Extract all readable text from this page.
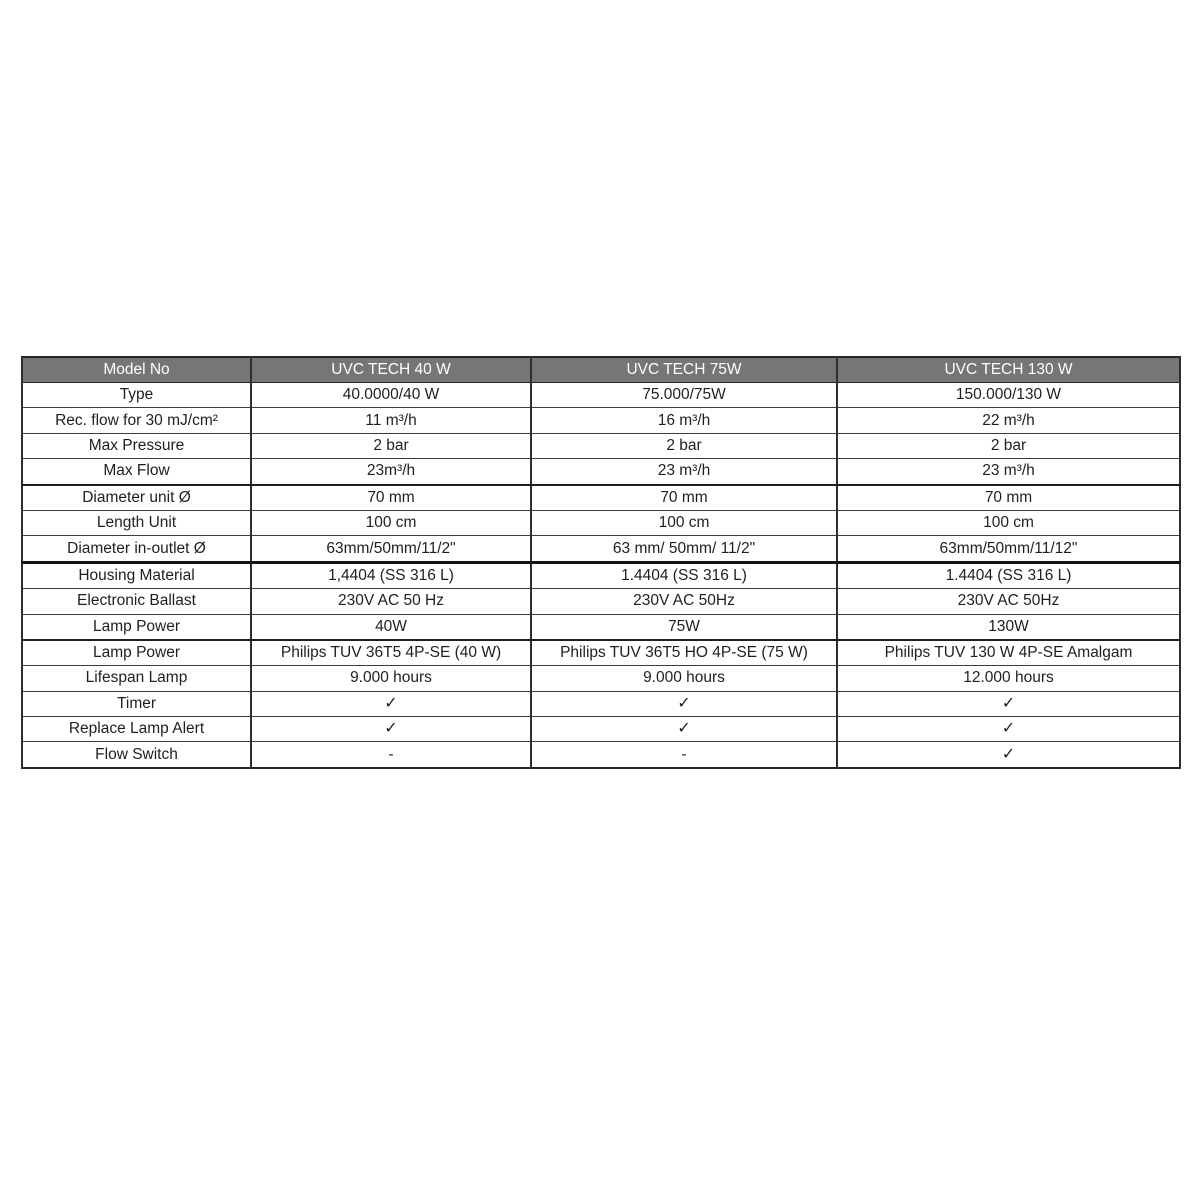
Model No	UVC TECH 40 W	UVC TECH 75W	UVC TECH 130 W
Type	40.0000/40 W	75.000/75W	150.000/130 W
Rec. flow for 30 mJ/cm²	11 m³/h	16 m³/h	22 m³/h
Max Pressure	2 bar	2 bar	2 bar
Max Flow	23m³/h	23 m³/h	23 m³/h
Diameter unit Ø	70 mm	70 mm	70 mm
Length Unit	100 cm	100 cm	100 cm
Diameter in-outlet Ø	63mm/50mm/11/2"	63 mm/ 50mm/ 11/2"	63mm/50mm/11/12"
Housing Material	1,4404 (SS 316 L)	1.4404 (SS 316 L)	1.4404 (SS 316 L)
Electronic Ballast	230V AC 50 Hz	230V AC 50Hz	230V AC 50Hz
Lamp Power	40W	75W	130W
Lamp Power	Philips TUV 36T5 4P-SE (40 W)	Philips TUV 36T5 HO 4P-SE (75 W)	Philips TUV 130 W 4P-SE Amalgam
Lifespan Lamp	9.000 hours	9.000 hours	12.000 hours
Timer	✓	✓	✓
Replace Lamp Alert	✓	✓	✓
Flow Switch	-	-	✓
